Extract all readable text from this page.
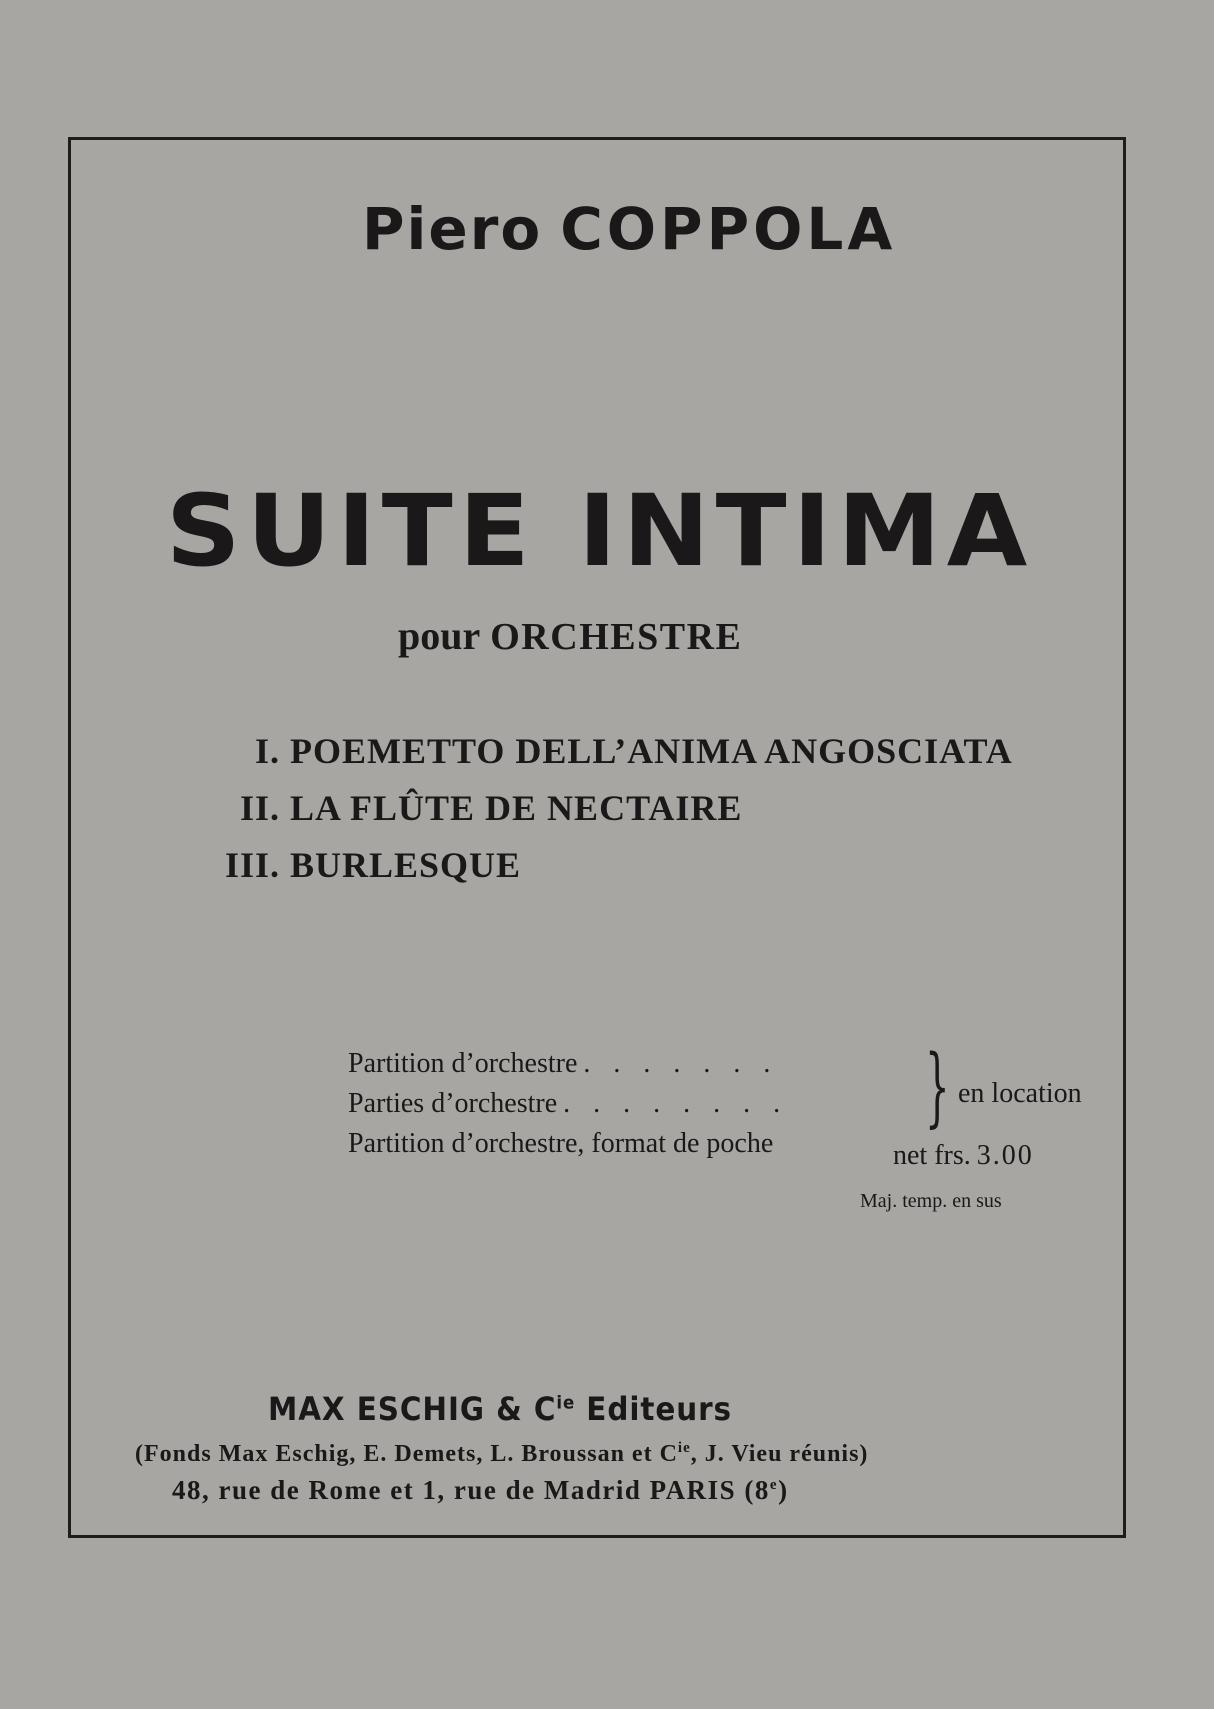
Piero COPPOLA
SUITE INTIMA
pour ORCHESTRE
I. POEMETTO DELL’ANIMA ANGOSCIATA
II. LA FLÛTE DE NECTAIRE
III. BURLESQUE
Partition d’orchestre .......
Parties d’orchestre ........
Partition d’orchestre, format de poche
} en location
net frs. 3.00
Maj. temp. en sus
MAX ESCHIG & $C^{ie}$ Editeurs
(Fonds Max Eschig, E. Demets, L. Broussan et $C^{ie}$, J. Vieu réunis)
48, rue de Rome et 1, rue de Madrid PARIS (8e)
